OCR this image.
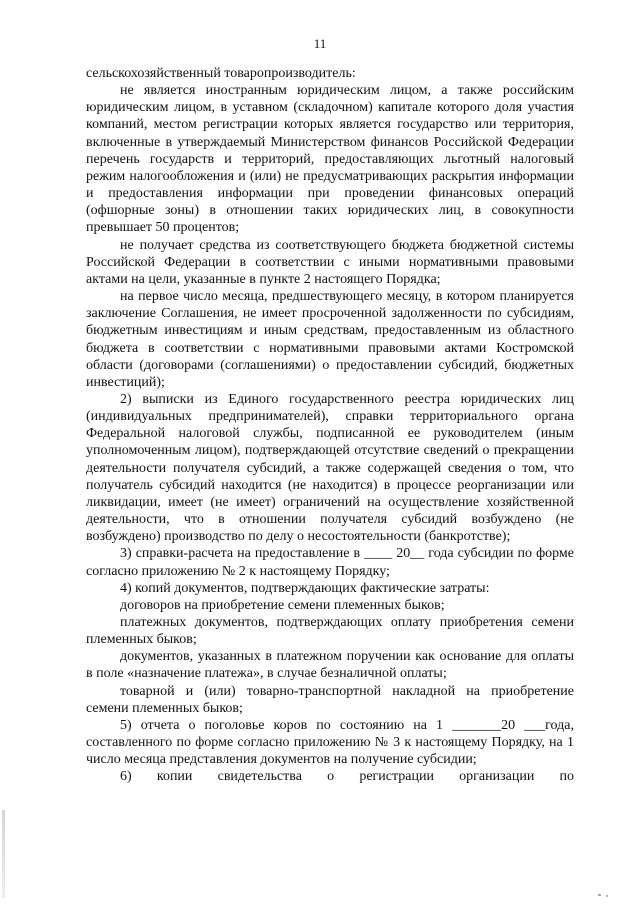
11

сельскохозяйственный товаропроизводитель:

не является иностранным юридическим лицом, а также российским юридическим лицом, в уставном (складочном) капитале которого доля участия компаний, местом регистрации которых является государство или территория, включенные в утверждаемый Министерством финансов Российской Федерации перечень государств и территорий, предоставляющих льготный налоговый режим налогообложения и (или) не предусматривающих раскрытия информации и предоставления информации при проведении финансовых операций (офшорные зоны) в отношении таких юридических лиц, в совокупности превышает 50 процентов;

не получает средства из соответствующего бюджета бюджетной системы Российской Федерации в соответствии с иными нормативными правовыми актами на цели, указанные в пункте 2 настоящего Порядка;

на первое число месяца, предшествующего месяцу, в котором планируется заключение Соглашения, не имеет просроченной задолженности по субсидиям, бюджетным инвестициям и иным средствам, предоставленным из областного бюджета в соответствии с нормативными правовыми актами Костромской области (договорами (соглашениями) о предоставлении субсидий, бюджетных инвестиций);

2) выписки из Единого государственного реестра юридических лиц (индивидуальных предпринимателей), справки территориального органа Федеральной налоговой службы, подписанной ее руководителем (иным уполномоченным лицом), подтверждающей отсутствие сведений о прекращении деятельности получателя субсидий, а также содержащей сведения о том, что получатель субсидий находится (не находится) в процессе реорганизации или ликвидации, имеет (не имеет) ограничений на осуществление хозяйственной деятельности, что в отношении получателя субсидий возбуждено (не возбуждено) производство по делу о несостоятельности (банкротстве);

3) справки-расчета на предоставление в ____ 20__ года субсидии по форме согласно приложению № 2 к настоящему Порядку;

4) копий документов, подтверждающих фактические затраты:

договоров на приобретение семени племенных быков;

платежных документов, подтверждающих оплату приобретения семени племенных быков;

документов, указанных в платежном поручении как основание для оплаты в поле «назначение платежа», в случае безналичной оплаты;

товарной и (или) товарно-транспортной накладной на приобретение семени племенных быков;

5) отчета о поголовье коров по состоянию на 1 _______20 ___года, составленного по форме согласно приложению № 3 к настоящему Порядку, на 1 число месяца представления документов на получение субсидии;

6) копии свидетельства о регистрации организации по
